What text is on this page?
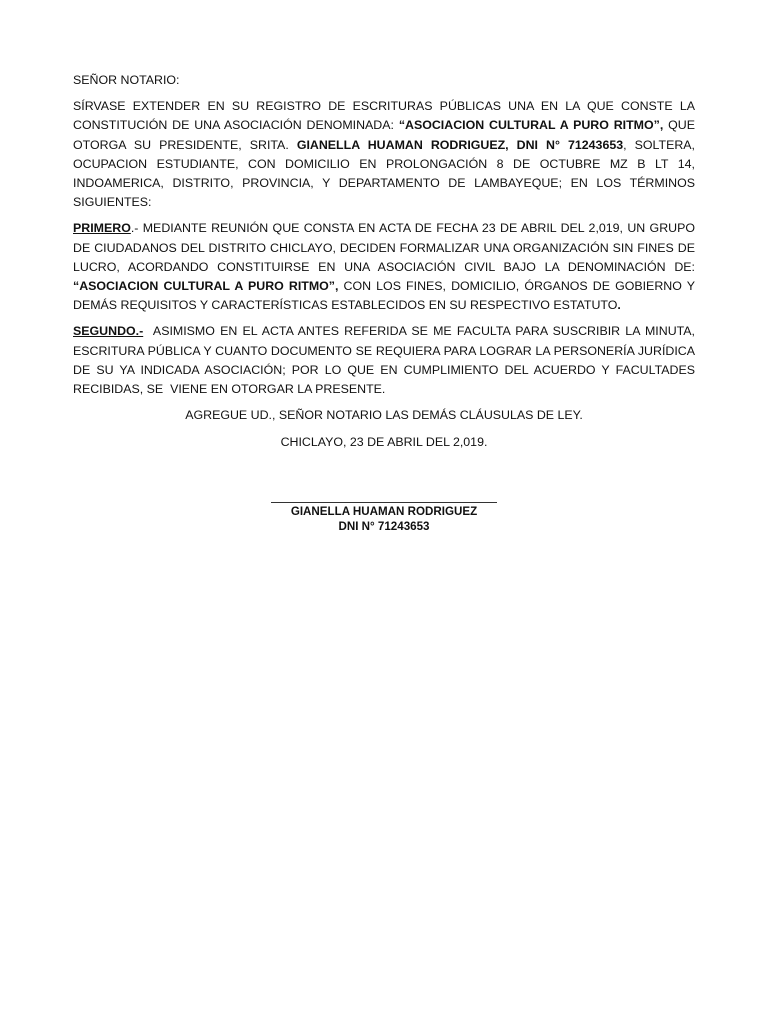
SEÑOR NOTARIO:

SÍRVASE EXTENDER EN SU REGISTRO DE ESCRITURAS PÚBLICAS UNA EN LA QUE CONSTE LA CONSTITUCIÓN DE UNA ASOCIACIÓN DENOMINADA: “ASOCIACION CULTURAL A PURO RITMO”, QUE OTORGA SU PRESIDENTE, SRITA. GIANELLA HUAMAN RODRIGUEZ, DNI N° 71243653, SOLTERA, OCUPACION ESTUDIANTE, CON DOMICILIO EN PROLONGACIÓN 8 DE OCTUBRE MZ B LT 14, INDOAMERICA, DISTRITO, PROVINCIA, Y DEPARTAMENTO DE LAMBAYEQUE; EN LOS TÉRMINOS SIGUIENTES:

PRIMERO.- MEDIANTE REUNIÓN QUE CONSTA EN ACTA DE FECHA 23 DE ABRIL DEL 2,019, UN GRUPO DE CIUDADANOS DEL DISTRITO CHICLAYO, DECIDEN FORMALIZAR UNA ORGANIZACIÓN SIN FINES DE LUCRO, ACORDANDO CONSTITUIRSE EN UNA ASOCIACIÓN CIVIL BAJO LA DENOMINACIÓN DE: “ASOCIACION CULTURAL A PURO RITMO”, CON LOS FINES, DOMICILIO, ÓRGANOS DE GOBIERNO Y DEMÁS REQUISITOS Y CARACTERÍSTICAS ESTABLECIDOS EN SU RESPECTIVO ESTATUTO.

SEGUNDO.-  ASIMISMO EN EL ACTA ANTES REFERIDA SE ME FACULTA PARA SUSCRIBIR LA MINUTA, ESCRITURA PÚBLICA Y CUANTO DOCUMENTO SE REQUIERA PARA LOGRAR LA PERSONERÍA JURÍDICA DE SU YA INDICADA ASOCIACIÓN; POR LO QUE EN CUMPLIMIENTO DEL ACUERDO Y FACULTADES RECIBIDAS, SE  VIENE EN OTORGAR LA PRESENTE.

AGREGUE UD., SEÑOR NOTARIO LAS DEMÁS CLÁUSULAS DE LEY.

CHICLAYO, 23 DE ABRIL DEL 2,019.

GIANELLA HUAMAN RODRIGUEZ
DNI N° 71243653
